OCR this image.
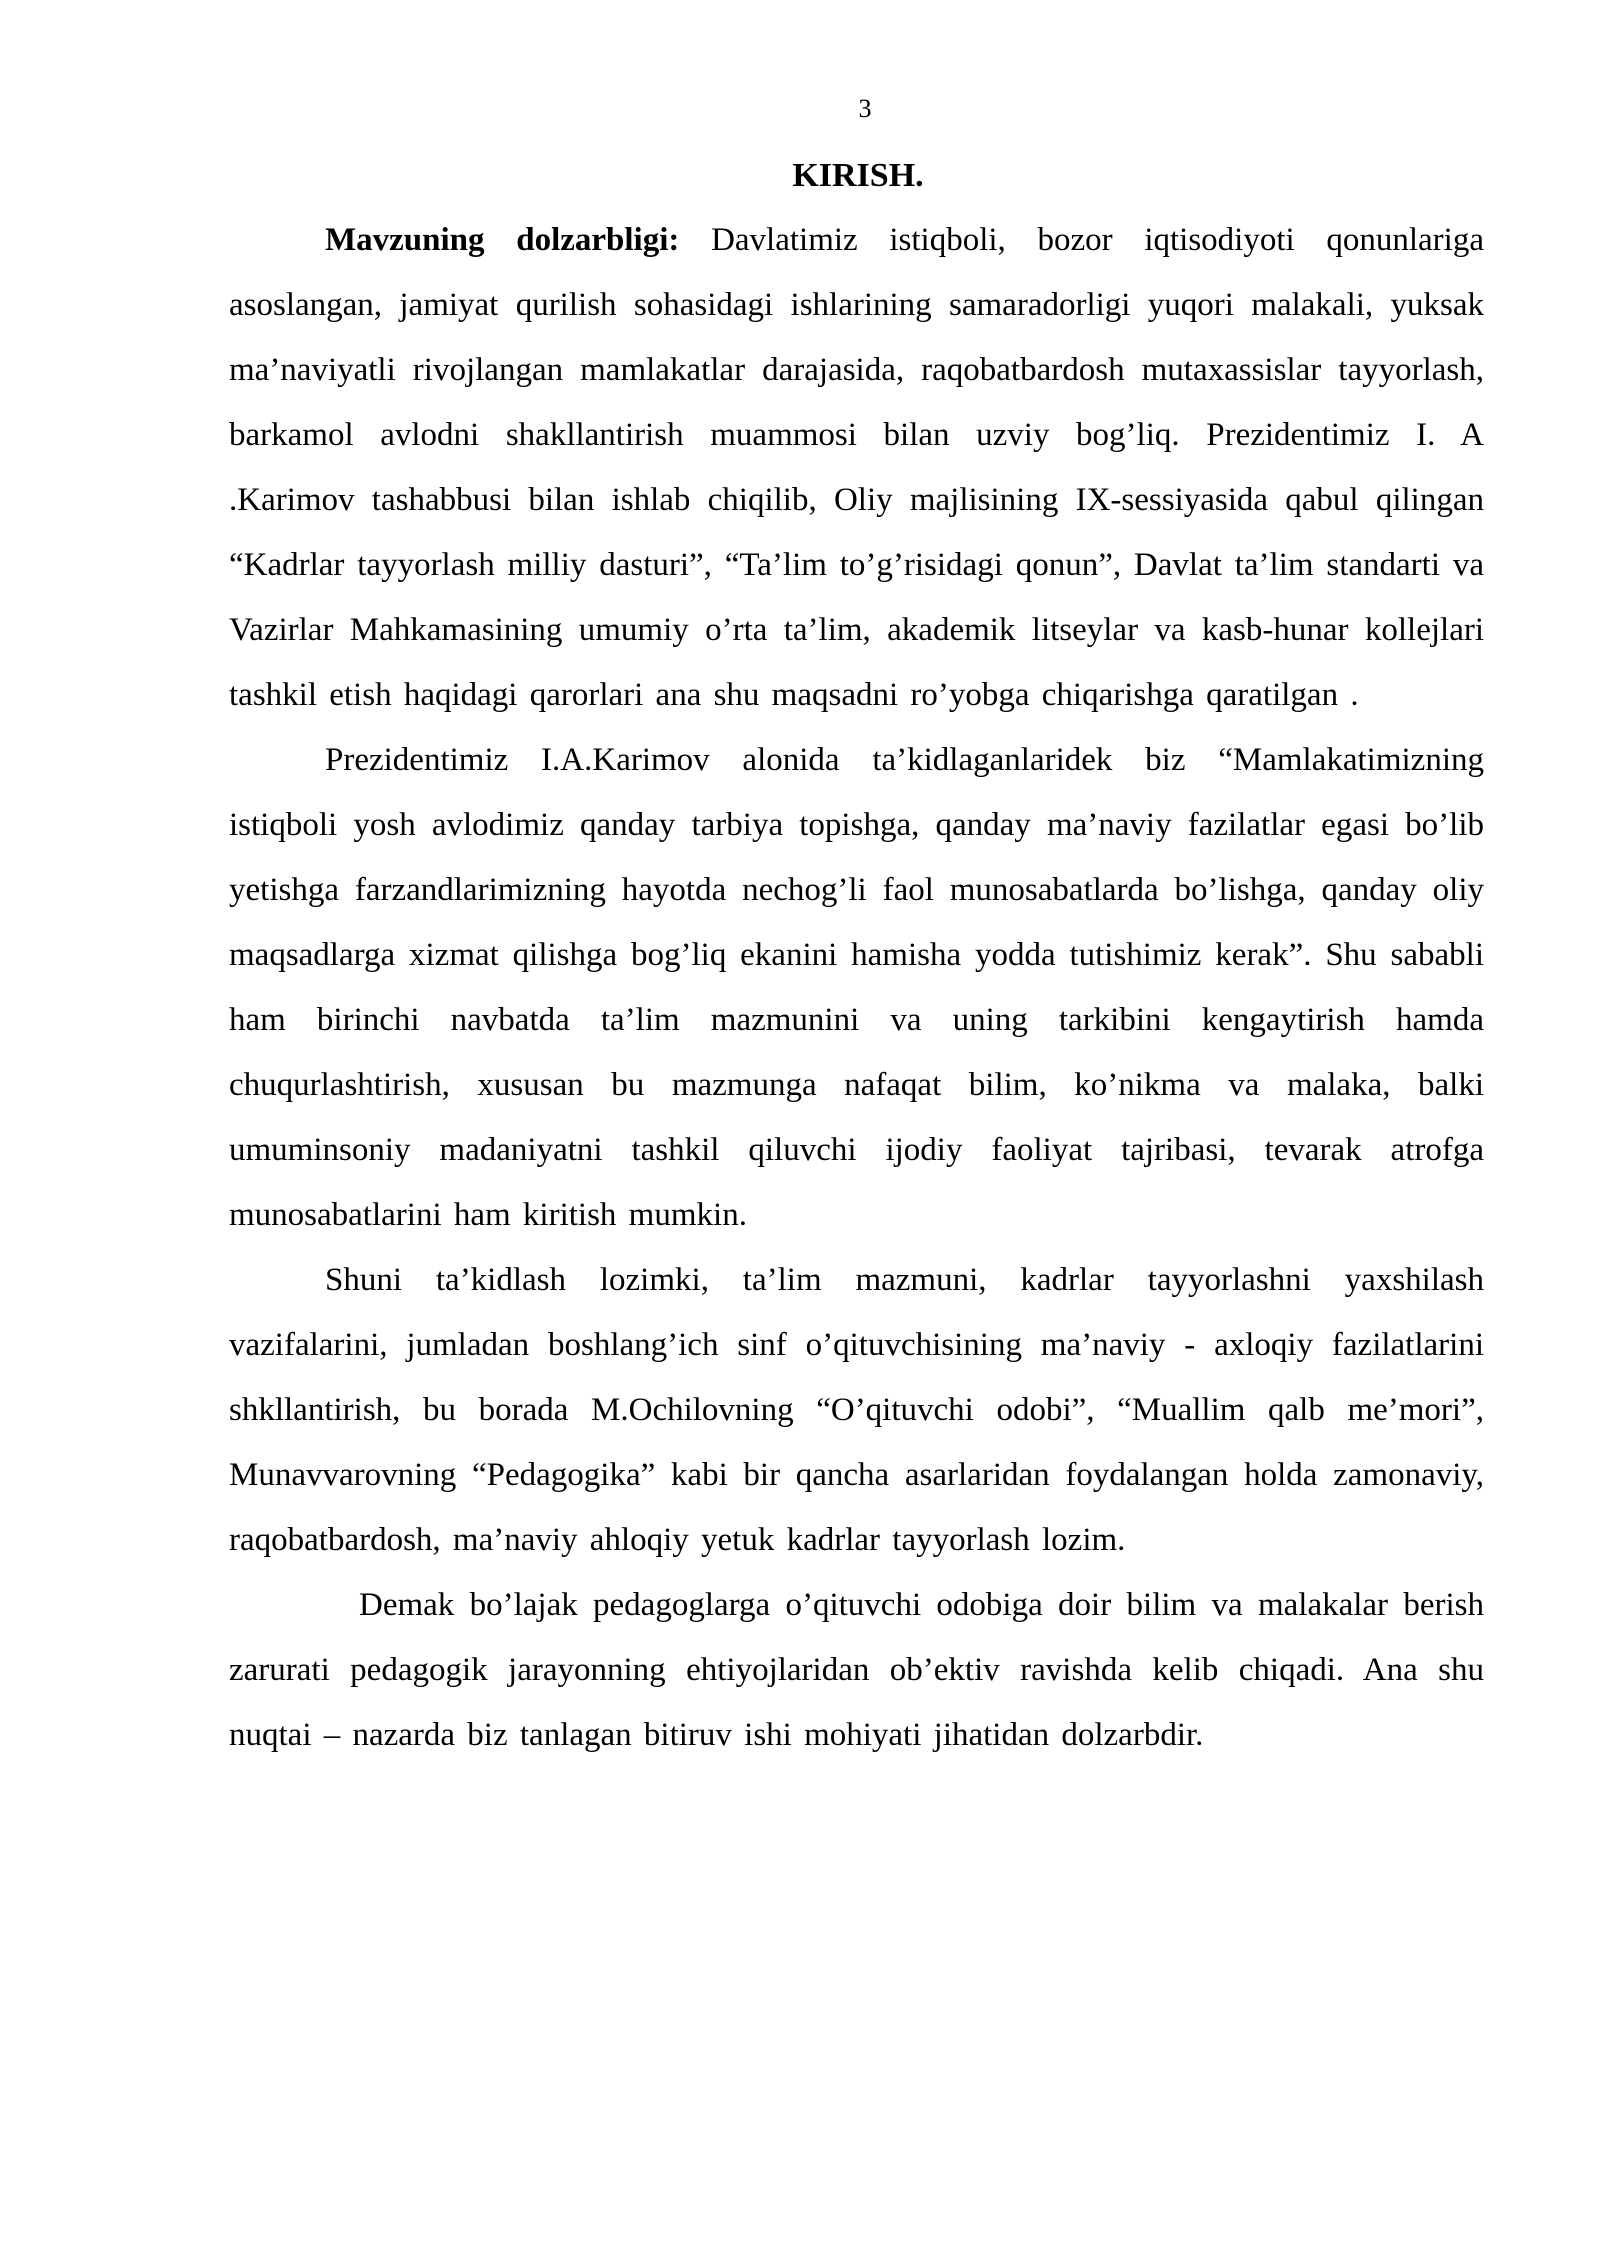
3
KIRISH.

Mavzuning dolzarbligi: Davlatimiz istiqboli, bozor iqtisodiyoti qonunlariga asoslangan, jamiyat qurilish sohasidagi ishlarining samaradorligi yuqori malakali, yuksak ma’naviyatli rivojlangan mamlakatlar darajasida, raqobatbardosh mutaxassislar tayyorlash, barkamol avlodni shakllantirish muammosi bilan uzviy bog’liq. Prezidentimiz I. A .Karimov tashabbusi bilan ishlab chiqilib, Oliy majlisining IX-sessiyasida qabul qilingan “Kadrlar tayyorlash milliy dasturi”, “Ta’lim to’g’risidagi qonun”, Davlat ta’lim standarti va Vazirlar Mahkamasining umumiy o’rta ta’lim, akademik litseylar va kasb-hunar kollejlari tashkil etish haqidagi qarorlari ana shu maqsadni ro’yobga chiqarishga qaratilgan .

Prezidentimiz I.A.Karimov alonida ta’kidlaganlaridek biz “Mamlakatimizning istiqboli yosh avlodimiz qanday tarbiya topishga, qanday ma’naviy fazilatlar egasi bo’lib yetishga farzandlarimizning hayotda nechog’li faol munosabatlarda bo’lishga, qanday oliy maqsadlarga xizmat qilishga bog’liq ekanini hamisha yodda tutishimiz kerak”. Shu sababli ham birinchi navbatda ta’lim mazmunini va uning tarkibini kengaytirish hamda chuqurlashtirish, xususan bu mazmunga nafaqat bilim, ko’nikma va malaka, balki umuminsoniy madaniyatni tashkil qiluvchi ijodiy faoliyat tajribasi, tevarak atrofga munosabatlarini ham kiritish mumkin.

Shuni ta’kidlash lozimki, ta’lim mazmuni, kadrlar tayyorlashni yaxshilash vazifalarini, jumladan boshlang’ich sinf o’qituvchisining ma’naviy - axloqiy fazilatlarini shkllantirish, bu borada M.Ochilovning “O’qituvchi odobi”, “Muallim qalb me’mori”, Munavvarovning “Pedagogika” kabi bir qancha asarlaridan foydalangan holda zamonaviy, raqobatbardosh, ma’naviy ahloqiy yetuk kadrlar tayyorlash lozim.

Demak bo’lajak pedagoglarga o’qituvchi odobiga doir bilim va malakalar berish zarurati pedagogik jarayonning ehtiyojlaridan ob’ektiv ravishda kelib chiqadi. Ana shu nuqtai – nazarda biz tanlagan bitiruv ishi mohiyati jihatidan dolzarbdir.
